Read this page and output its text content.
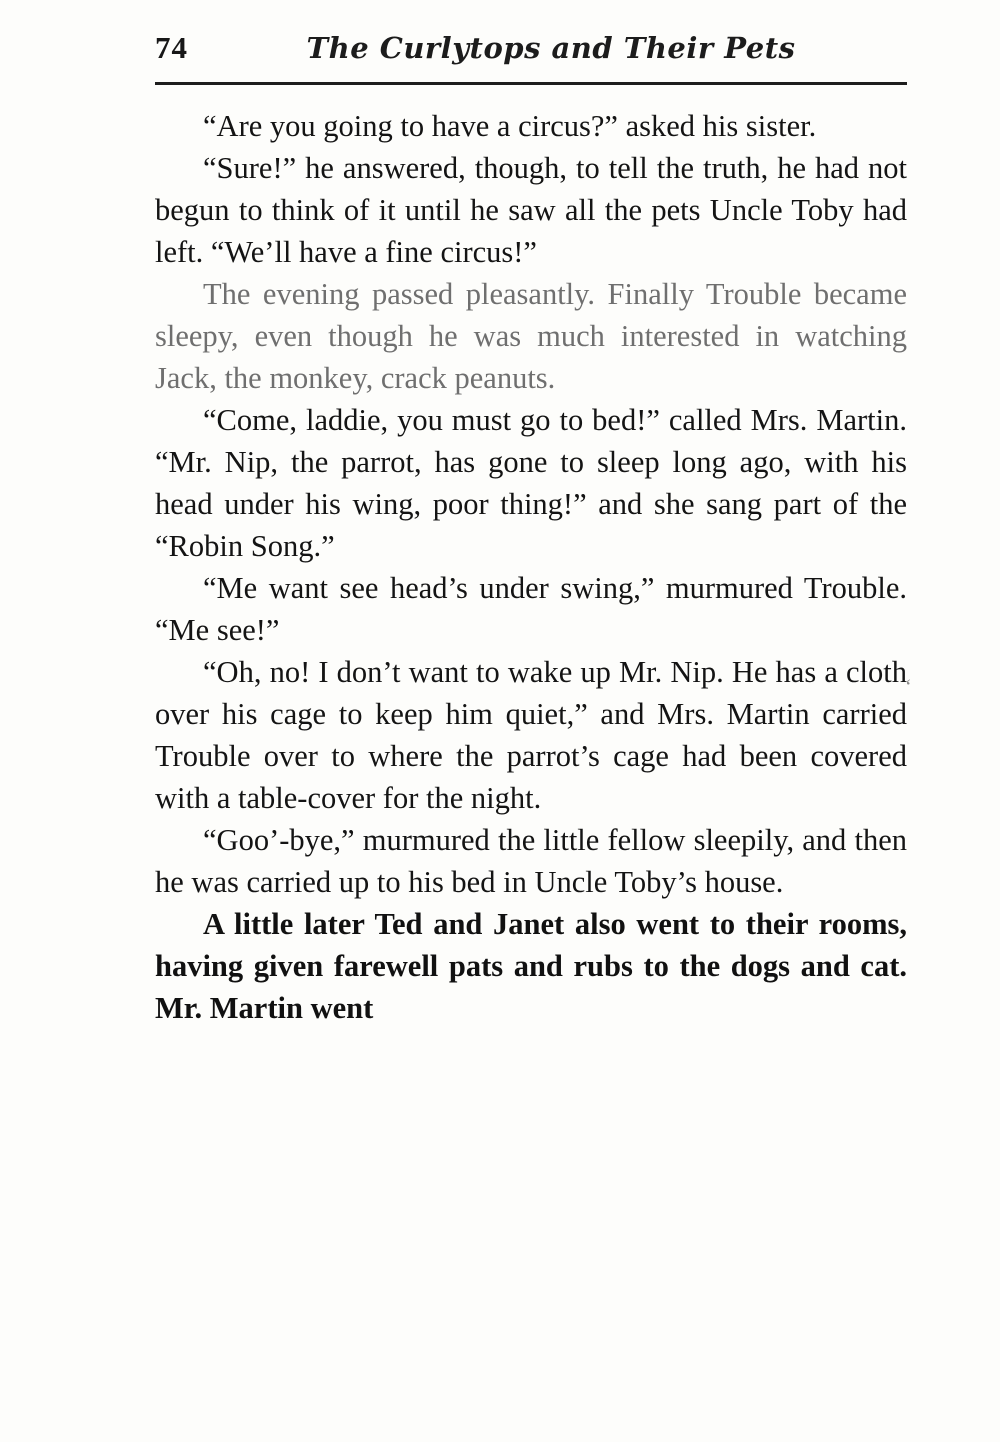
74	The Curlytops and Their Pets

“Are you going to have a circus?” asked his sister.

“Sure!” he answered, though, to tell the truth, he had not begun to think of it until he saw all the pets Uncle Toby had left. “We’ll have a fine circus!”

The evening passed pleasantly. Finally Trouble became sleepy, even though he was much interested in watching Jack, the monkey, crack peanuts.

“Come, laddie, you must go to bed!” called Mrs. Martin. “Mr. Nip, the parrot, has gone to sleep long ago, with his head under his wing, poor thing!” and she sang part of the “Robin Song.”

“Me want see head’s under swing,” murmured Trouble. “Me see!”

“Oh, no! I don’t want to wake up Mr. Nip. He has a cloth over his cage to keep him quiet,” and Mrs. Martin carried Trouble over to where the parrot’s cage had been covered with a table-cover for the night.

“Goo’-bye,” murmured the little fellow sleepily, and then he was carried up to his bed in Uncle Toby’s house.

A little later Ted and Janet also went to their rooms, having given farewell pats and rubs to the dogs and cat. Mr. Martin went

‘
